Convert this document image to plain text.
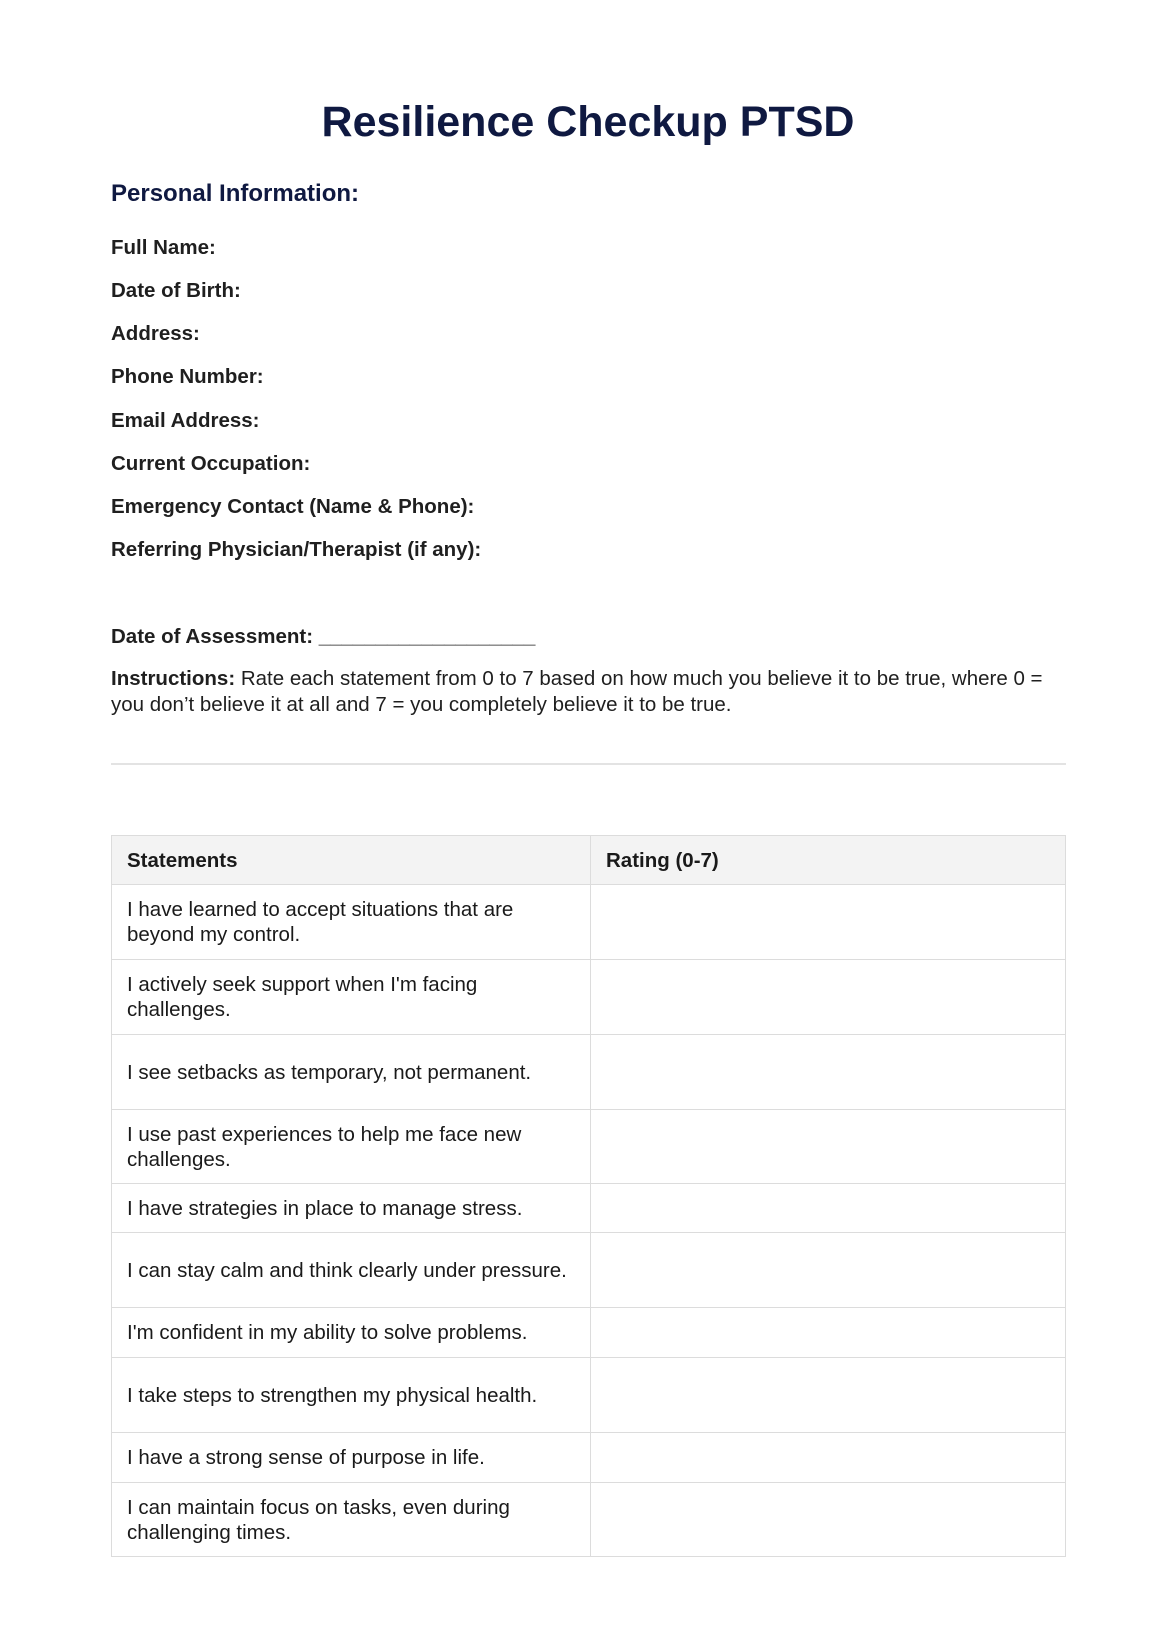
Resilience Checkup PTSD
Personal Information:
Full Name:
Date of Birth:
Address:
Phone Number:
Email Address:
Current Occupation:
Emergency Contact (Name & Phone):
Referring Physician/Therapist (if any):
Date of Assessment: ___________________
Instructions: Rate each statement from 0 to 7 based on how much you believe it to be true, where 0 = you don’t believe it at all and 7 = you completely believe it to be true.
Statements	Rating (0-7)
I have learned to accept situations that are beyond my control.	
I actively seek support when I'm facing challenges.	
I see setbacks as temporary, not permanent.	
I use past experiences to help me face new challenges.	
I have strategies in place to manage stress.	
I can stay calm and think clearly under pressure.	
I'm confident in my ability to solve problems.	
I take steps to strengthen my physical health.	
I have a strong sense of purpose in life.	
I can maintain focus on tasks, even during challenging times.	
